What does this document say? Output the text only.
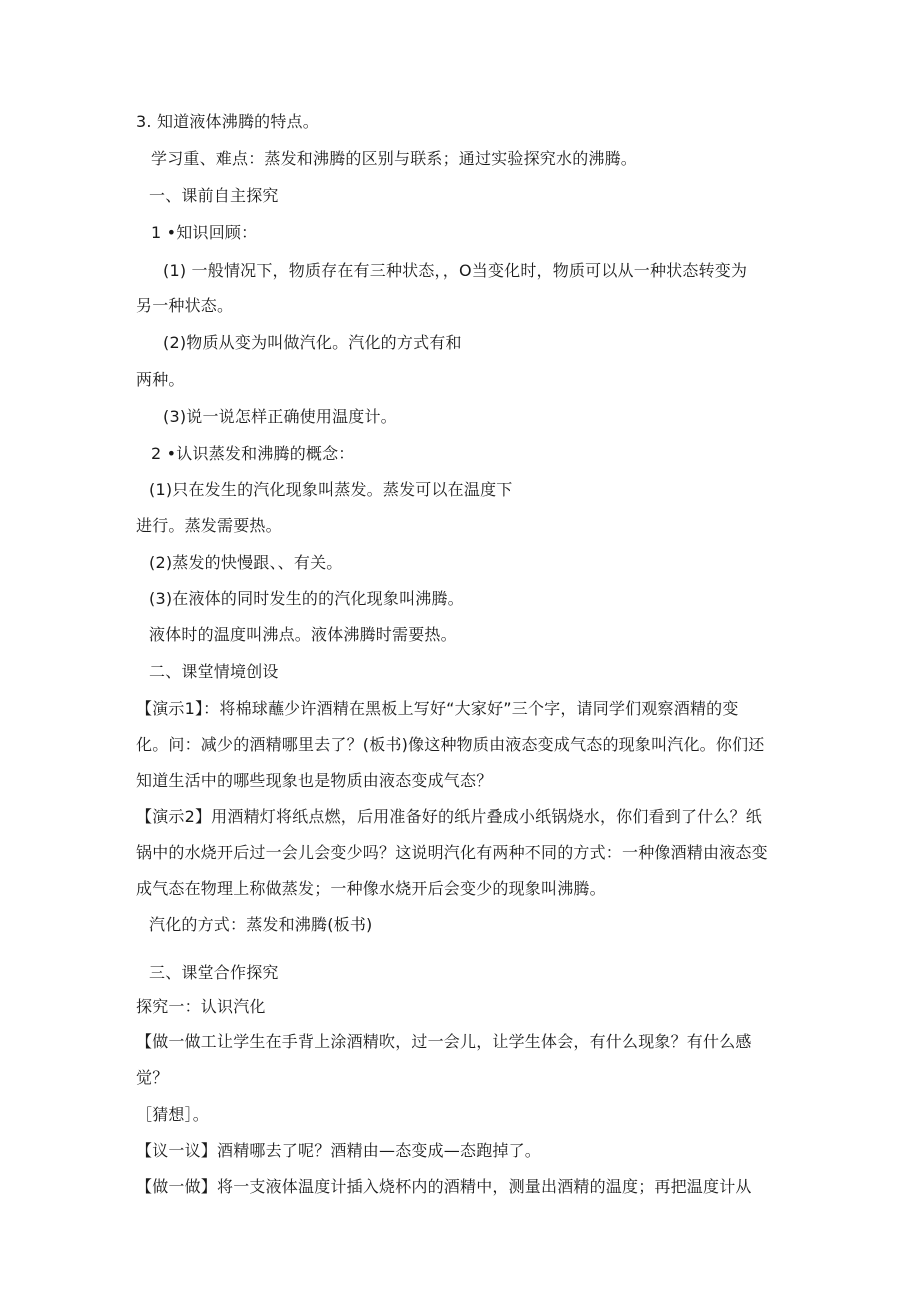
3. 知道液体沸腾的特点。
学习重、难点：蒸发和沸腾的区别与联系；通过实验探究水的沸腾。
一、课前自主探究
1 •知识回顾：
(1) 一般情况下，物质存在有三种状态，，O当变化时，物质可以从一种状态转变为
另一种状态。
(2)物质从变为叫做汽化。汽化的方式有和
两种。
(3)说一说怎样正确使用温度计。
2 •认识蒸发和沸腾的概念：
(1)只在发生的汽化现象叫蒸发。蒸发可以在温度下
进行。蒸发需要热。
(2)蒸发的快慢跟、、有关。
(3)在液体的同时发生的的汽化现象叫沸腾。
液体时的温度叫沸点。液体沸腾时需要热。
二、课堂情境创设
【演示1】：将棉球蘸少许酒精在黑板上写好“大家好”三个字，请同学们观察酒精的变
化。问：减少的酒精哪里去了？(板书)像这种物质由液态变成气态的现象叫汽化。你们还
知道生活中的哪些现象也是物质由液态变成气态？
【演示2】用酒精灯将纸点燃，后用准备好的纸片叠成小纸锅烧水，你们看到了什么？纸
锅中的水烧开后过一会儿会变少吗？这说明汽化有两种不同的方式：一种像酒精由液态变
成气态在物理上称做蒸发；一种像水烧开后会变少的现象叫沸腾。
汽化的方式：蒸发和沸腾(板书)
三、课堂合作探究
探究一：认识汽化
【做一做工让学生在手背上涂酒精吹，过一会儿，让学生体会，有什么现象？有什么感
觉？
［猜想］。
【议一议】酒精哪去了呢？酒精由—态变成—态跑掉了。
【做一做】将一支液体温度计插入烧杯内的酒精中，测量出酒精的温度；再把温度计从
